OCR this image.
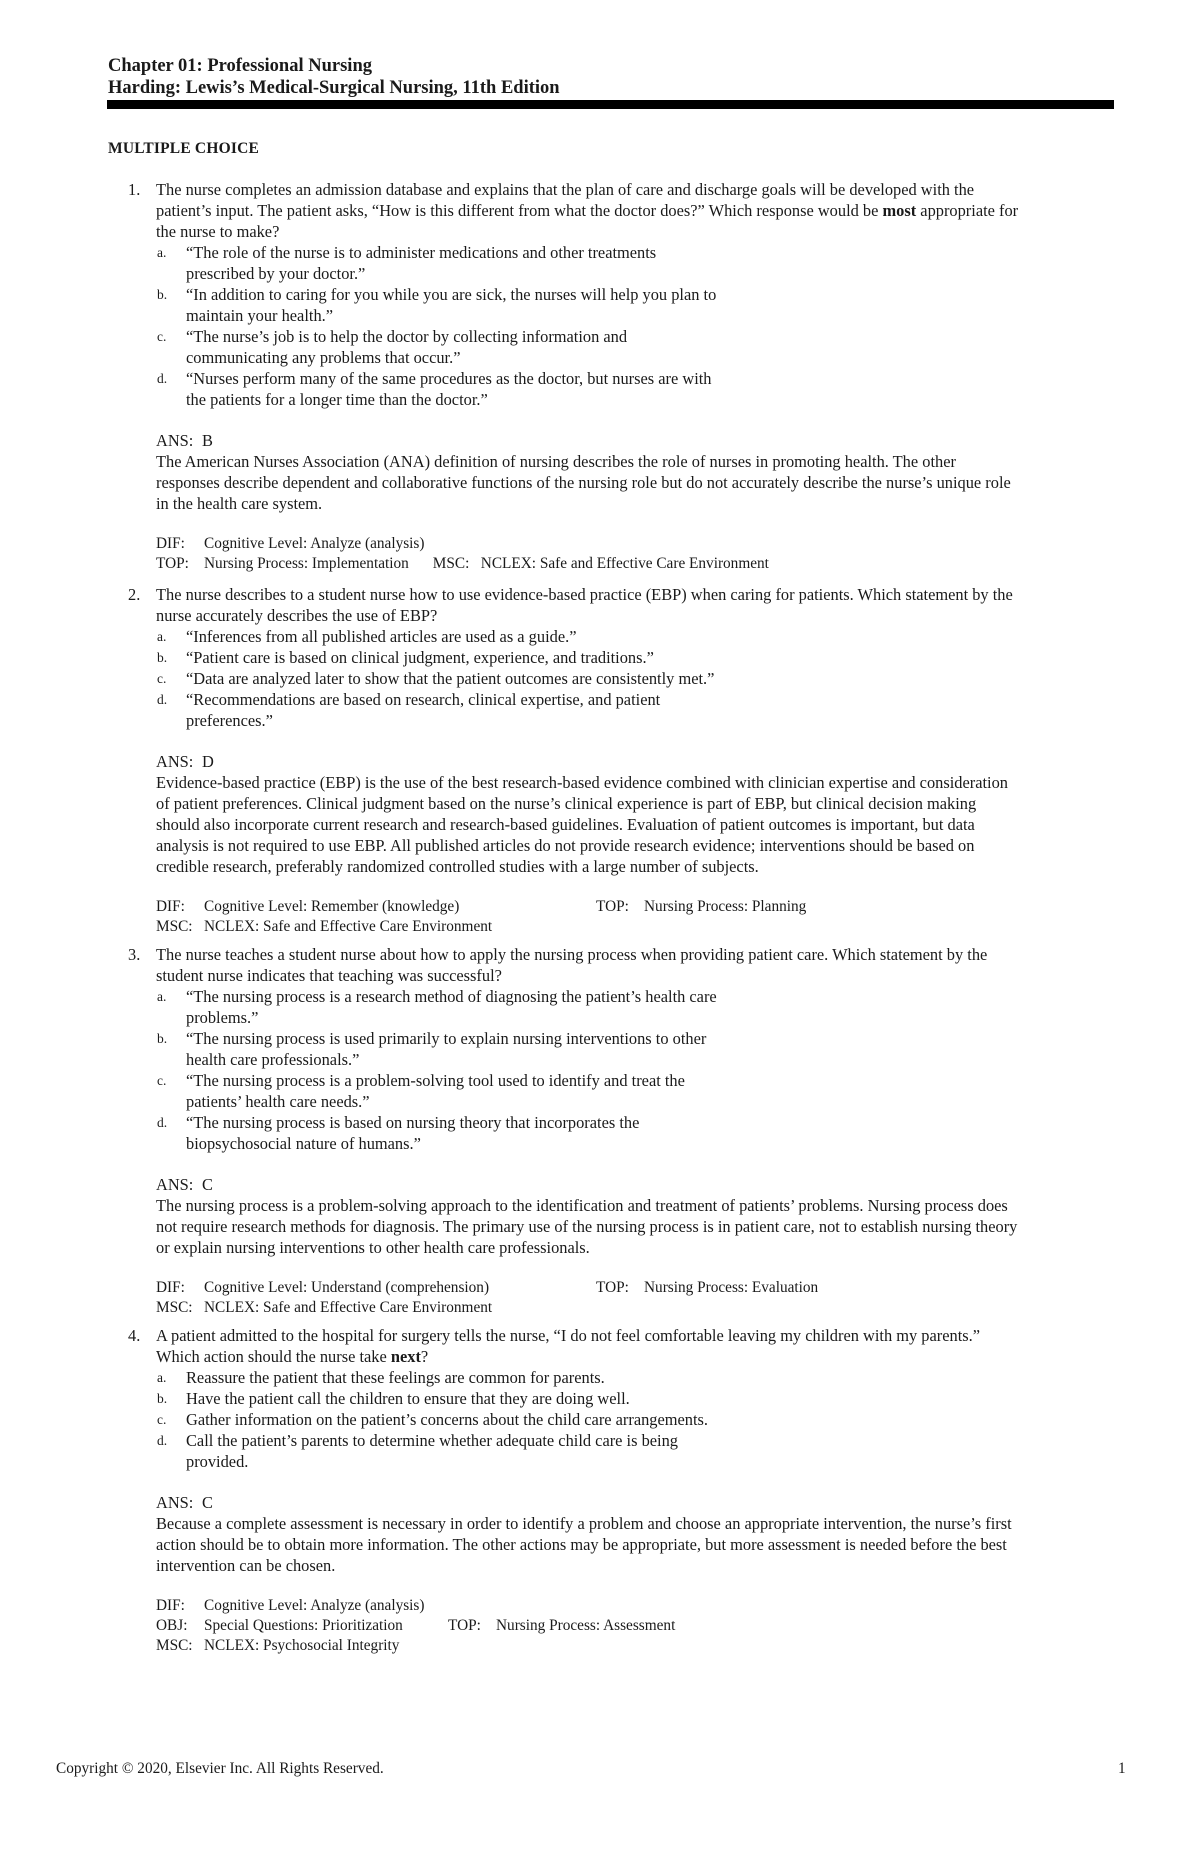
Chapter 01: Professional Nursing
Harding: Lewis’s Medical-Surgical Nursing, 11th Edition
MULTIPLE CHOICE
1. The nurse completes an admission database and explains that the plan of care and discharge goals will be developed with the
patient’s input. The patient asks, “How is this different from what the doctor does?” Which response would be most appropriate for
the nurse to make?
a. “The role of the nurse is to administer medications and other treatments
prescribed by your doctor.”
b. “In addition to caring for you while you are sick, the nurses will help you plan to
maintain your health.”
c. “The nurse’s job is to help the doctor by collecting information and
communicating any problems that occur.”
d. “Nurses perform many of the same procedures as the doctor, but nurses are with
the patients for a longer time than the doctor.”
ANS: B
The American Nurses Association (ANA) definition of nursing describes the role of nurses in promoting health. The other
responses describe dependent and collaborative functions of the nursing role but do not accurately describe the nurse’s unique role
in the health care system.
DIF: Cognitive Level: Analyze (analysis)
TOP: Nursing Process: Implementation MSC: NCLEX: Safe and Effective Care Environment
2. The nurse describes to a student nurse how to use evidence-based practice (EBP) when caring for patients. Which statement by the
nurse accurately describes the use of EBP?
a. “Inferences from all published articles are used as a guide.”
b. “Patient care is based on clinical judgment, experience, and traditions.”
c. “Data are analyzed later to show that the patient outcomes are consistently met.”
d. “Recommendations are based on research, clinical expertise, and patient
preferences.”
ANS: D
Evidence-based practice (EBP) is the use of the best research-based evidence combined with clinician expertise and consideration
of patient preferences. Clinical judgment based on the nurse’s clinical experience is part of EBP, but clinical decision making
should also incorporate current research and research-based guidelines. Evaluation of patient outcomes is important, but data
analysis is not required to use EBP. All published articles do not provide research evidence; interventions should be based on
credible research, preferably randomized controlled studies with a large number of subjects.
DIF: Cognitive Level: Remember (knowledge)	TOP: Nursing Process: Planning
MSC: NCLEX: Safe and Effective Care Environment
3. The nurse teaches a student nurse about how to apply the nursing process when providing patient care. Which statement by the
student nurse indicates that teaching was successful?
a. “The nursing process is a research method of diagnosing the patient’s health care
problems.”
b. “The nursing process is used primarily to explain nursing interventions to other
health care professionals.”
c. “The nursing process is a problem-solving tool used to identify and treat the
patients’ health care needs.”
d. “The nursing process is based on nursing theory that incorporates the
biopsychosocial nature of humans.”
ANS: C
The nursing process is a problem-solving approach to the identification and treatment of patients’ problems. Nursing process does
not require research methods for diagnosis. The primary use of the nursing process is in patient care, not to establish nursing theory
or explain nursing interventions to other health care professionals.
DIF: Cognitive Level: Understand (comprehension)	TOP: Nursing Process: Evaluation
MSC: NCLEX: Safe and Effective Care Environment
4. A patient admitted to the hospital for surgery tells the nurse, “I do not feel comfortable leaving my children with my parents.”
Which action should the nurse take next?
a. Reassure the patient that these feelings are common for parents.
b. Have the patient call the children to ensure that they are doing well.
c. Gather information on the patient’s concerns about the child care arrangements.
d. Call the patient’s parents to determine whether adequate child care is being
provided.
ANS: C
Because a complete assessment is necessary in order to identify a problem and choose an appropriate intervention, the nurse’s first
action should be to obtain more information. The other actions may be appropriate, but more assessment is needed before the best
intervention can be chosen.
DIF: Cognitive Level: Analyze (analysis)
OBJ: Special Questions: Prioritization	TOP: Nursing Process: Assessment
MSC: NCLEX: Psychosocial Integrity
Copyright © 2020, Elsevier Inc. All Rights Reserved.	1
